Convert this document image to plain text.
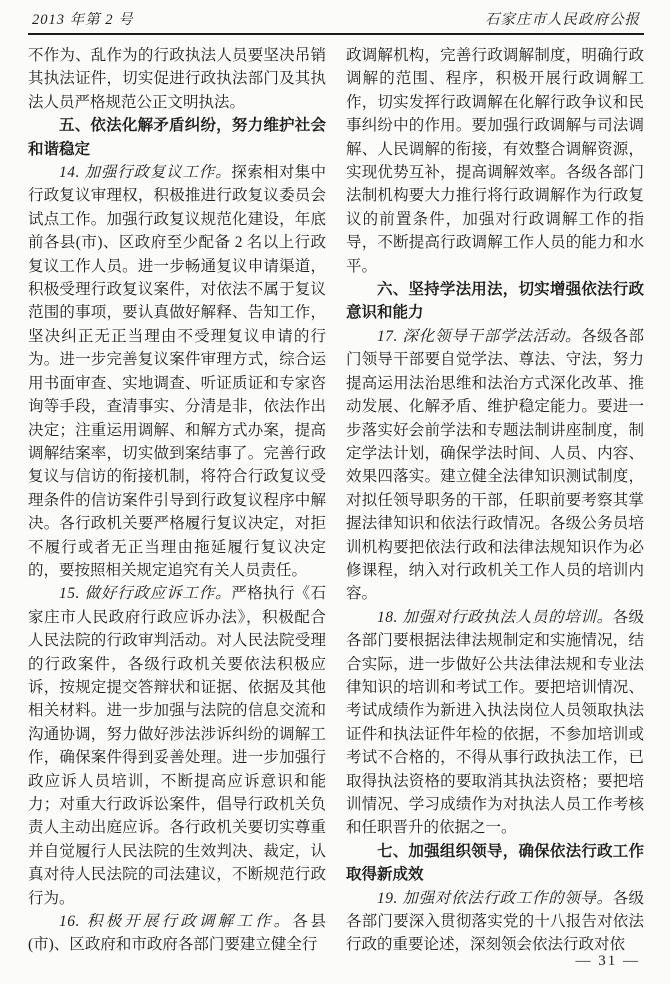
2013 年第 2 号	石家庄市人民政府公报

不作为、乱作为的行政执法人员要坚决吊销其执法证件，切实促进行政执法部门及其执法人员严格规范公正文明执法。

五、依法化解矛盾纠纷，努力维护社会和谐稳定

14. 加强行政复议工作。探索相对集中行政复议审理权，积极推进行政复议委员会试点工作。加强行政复议规范化建设，年底前各县(市)、区政府至少配备 2 名以上行政复议工作人员。进一步畅通复议申请渠道，积极受理行政复议案件，对依法不属于复议范围的事项，要认真做好解释、告知工作，坚决纠正无正当理由不受理复议申请的行为。进一步完善复议案件审理方式，综合运用书面审查、实地调查、听证质证和专家咨询等手段，查清事实、分清是非，依法作出决定；注重运用调解、和解方式办案，提高调解结案率，切实做到案结事了。完善行政复议与信访的衔接机制，将符合行政复议受理条件的信访案件引导到行政复议程序中解决。各行政机关要严格履行复议决定，对拒不履行或者无正当理由拖延履行复议决定的，要按照相关规定追究有关人员责任。

15. 做好行政应诉工作。严格执行《石家庄市人民政府行政应诉办法》，积极配合人民法院的行政审判活动。对人民法院受理的行政案件，各级行政机关要依法积极应诉，按规定提交答辩状和证据、依据及其他相关材料。进一步加强与法院的信息交流和沟通协调，努力做好涉法涉诉纠纷的调解工作，确保案件得到妥善处理。进一步加强行政应诉人员培训，不断提高应诉意识和能力；对重大行政诉讼案件，倡导行政机关负责人主动出庭应诉。各行政机关要切实尊重并自觉履行人民法院的生效判决、裁定，认真对待人民法院的司法建议，不断规范行政行为。

16. 积极开展行政调解工作。各县(市)、区政府和市政府各部门要建立健全行

政调解机构，完善行政调解制度，明确行政调解的范围、程序，积极开展行政调解工作，切实发挥行政调解在化解行政争议和民事纠纷中的作用。要加强行政调解与司法调解、人民调解的衔接，有效整合调解资源，实现优势互补，提高调解效率。各级各部门法制机构要大力推行将行政调解作为行政复议的前置条件，加强对行政调解工作的指导，不断提高行政调解工作人员的能力和水平。

六、坚持学法用法，切实增强依法行政意识和能力

17. 深化领导干部学法活动。各级各部门领导干部要自觉学法、尊法、守法，努力提高运用法治思维和法治方式深化改革、推动发展、化解矛盾、维护稳定能力。要进一步落实好会前学法和专题法制讲座制度，制定学法计划，确保学法时间、人员、内容、效果四落实。建立健全法律知识测试制度，对拟任领导职务的干部，任职前要考察其掌握法律知识和依法行政情况。各级公务员培训机构要把依法行政和法律法规知识作为必修课程，纳入对行政机关工作人员的培训内容。

18. 加强对行政执法人员的培训。各级各部门要根据法律法规制定和实施情况，结合实际，进一步做好公共法律法规和专业法律知识的培训和考试工作。要把培训情况、考试成绩作为新进入执法岗位人员领取执法证件和执法证件年检的依据，不参加培训或考试不合格的，不得从事行政执法工作，已取得执法资格的要取消其执法资格；要把培训情况、学习成绩作为对执法人员工作考核和任职晋升的依据之一。

七、加强组织领导，确保依法行政工作取得新成效

19. 加强对依法行政工作的领导。各级各部门要深入贯彻落实党的十八报告对依法行政的重要论述，深刻领会依法行政对依

— 31 —
